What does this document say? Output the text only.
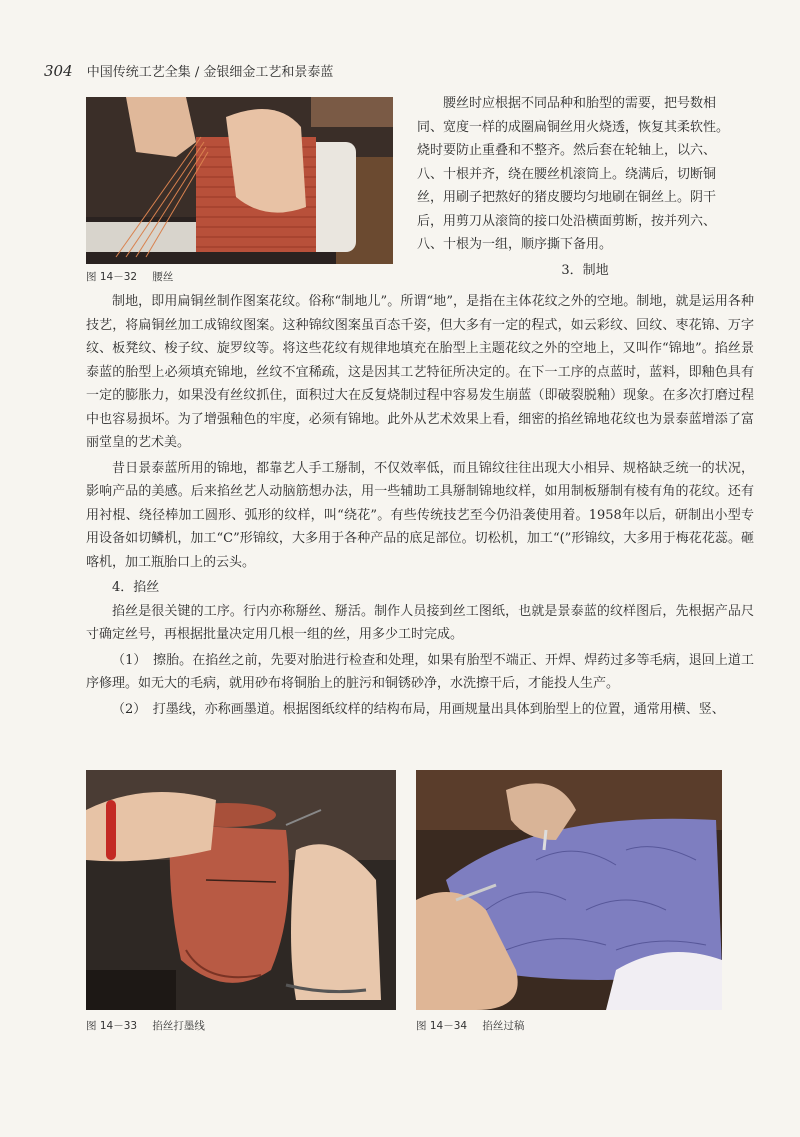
304 中国传统工艺全集 / 金银细金工艺和景泰蓝
图 14－32 腰丝
腰丝时应根据不同品种和胎型的需要，把号数相
同、宽度一样的成圈扁铜丝用火烧透，恢复其柔软性。
烧时要防止重叠和不整齐。然后套在轮轴上，以六、
八、十根并齐，绕在腰丝机滚筒上。绕满后，切断铜
丝，用刷子把熬好的猪皮腰均匀地刷在铜丝上。阴干
后，用剪刀从滚筒的接口处沿横面剪断，按并列六、
八、十根为一组，顺序撕下备用。
3．制地

制地，即用扁铜丝制作图案花纹。俗称“制地儿”。所谓“地”，是指在主体花纹之外的空地。制地，就是运用各种技艺，将扁铜丝加工成锦纹图案。这种锦纹图案虽百态千姿，但大多有一定的程式，如云彩纹、回纹、枣花锦、万字纹、板凳纹、梭子纹、旋罗纹等。将这些花纹有规律地填充在胎型上主题花纹之外的空地上，又叫作“锦地”。掐丝景泰蓝的胎型上必须填充锦地，丝纹不宜稀疏，这是因其工艺特征所决定的。在下一工序的点蓝时，蓝料，即釉色具有一定的膨胀力，如果没有丝纹抓住，面积过大在反复烧制过程中容易发生崩蓝（即破裂脱釉）现象。在多次打磨过程中也容易损坏。为了增强釉色的牢度，必须有锦地。此外从艺术效果上看，细密的掐丝锦地花纹也为景泰蓝增添了富丽堂皇的艺术美。

昔日景泰蓝所用的锦地，都靠艺人手工掰制，不仅效率低，而且锦纹往往出现大小相异、规格缺乏统一的状况，影响产品的美感。后来掐丝艺人动脑筋想办法，用一些辅助工具掰制锦地纹样，如用制板掰制有棱有角的花纹。还有用衬棍、绕径棒加工圆形、弧形的纹样，叫“绕花”。有些传统技艺至今仍沿袭使用着。1958年以后，研制出小型专用设备如切鳞机，加工“C”形锦纹，大多用于各种产品的底足部位。切松机，加工“(”形锦纹，大多用于梅花花蕊。砸喀机，加工瓶胎口上的云头。

4．掐丝

掐丝是很关键的工序。行内亦称掰丝、掰活。制作人员接到丝工图纸，也就是景泰蓝的纹样图后，先根据产品尺寸确定丝号，再根据批量决定用几根一组的丝，用多少工时完成。

（1）　擦胎。在掐丝之前，先要对胎进行检查和处理，如果有胎型不端正、开焊、焊药过多等毛病，退回上道工序修理。如无大的毛病，就用砂布将铜胎上的脏污和铜锈砂净，水洗擦干后，才能投人生产。

（2）　打墨线，亦称画墨道。根据图纸纹样的结构布局，用画规量出具体到胎型上的位置，通常用横、竖、

图 14－33 掐丝打墨线	图 14－34 掐丝过稿
